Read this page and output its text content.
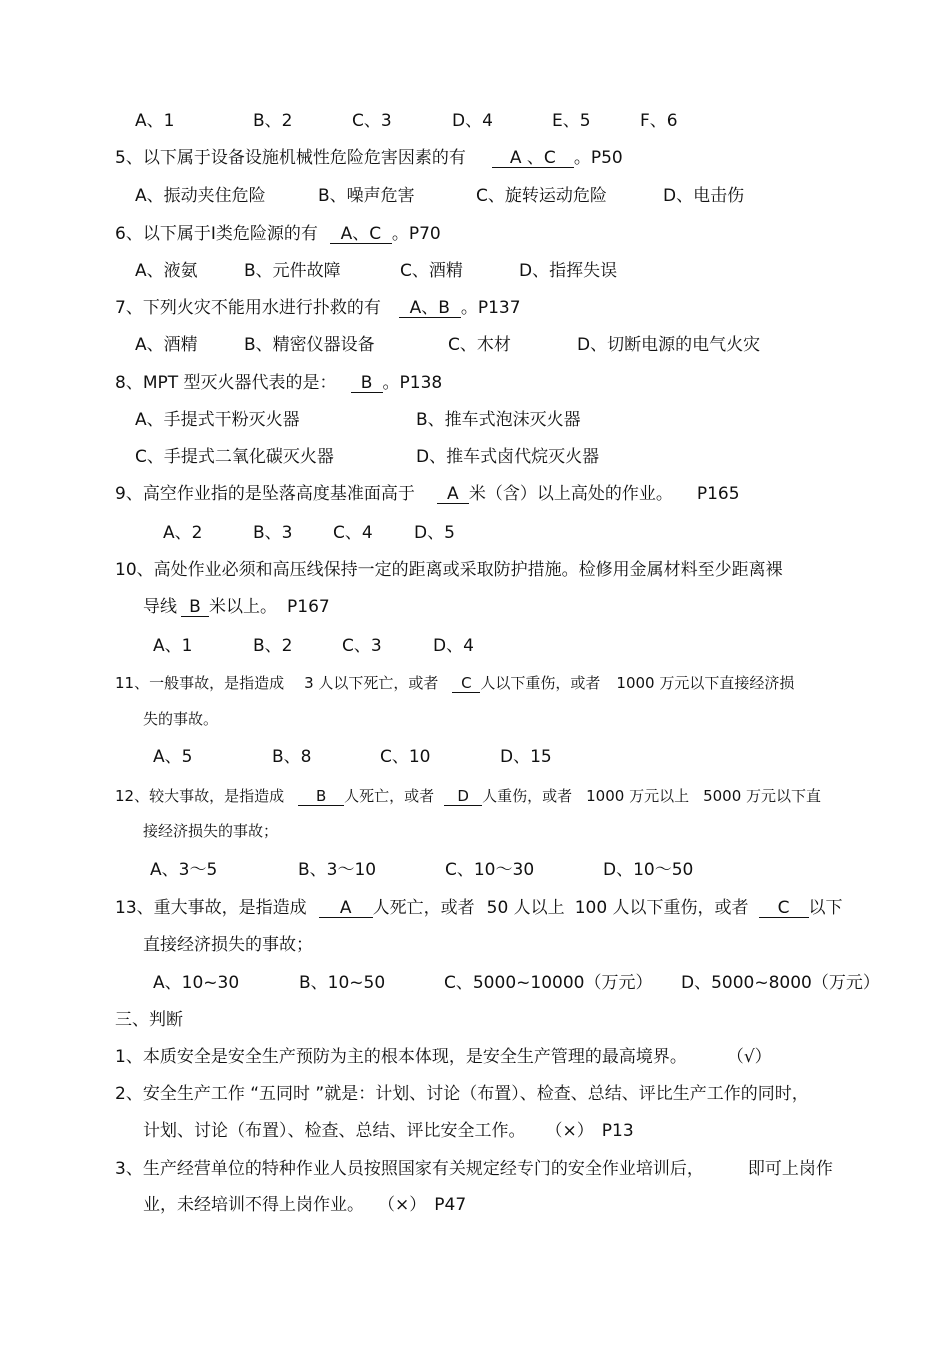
A、1	B、2	C、3	D、4	E、5	F、6
5、以下属于设备设施机械性危险危害因素的有	A 、C 。P50
A、振动夹住危险	B、噪声危害	C、旋转运动危险	D、电击伤
6、以下属于Ⅰ类危险源的有 A、C 。P70
A、液氨	B、元件故障	C、酒精	D、指挥失误
7、下列火灾不能用水进行扑救的有 A、B 。P137
A、酒精	B、精密仪器设备	C、木材	D、切断电源的电气火灾
8、MPT 型灭火器代表的是： B 。P138
A、手提式干粉灭火器	B、推车式泡沫灭火器
C、手提式二氧化碳灭火器	D、推车式卤代烷灭火器
9、高空作业指的是坠落高度基准面高于 A 米（含）以上高处的作业。 P165
A、2	B、3 C、4 D、5
10、高处作业必须和高压线保持一定的距离或采取防护措施。检修用金属材料至少距离裸
导线 B 米以上。 P167
A、1	B、2	C、3	D、4
11、一般事故，是指造成 3 人以下死亡，或者 C 人以下重伤，或者 1000 万元以下直接经济损
失的事故。
A、5	B、8	C、10	D、15
12、较大事故，是指造成 B 人死亡，或者 D 人重伤，或者 1000 万元以上 5000 万元以下直
接经济损失的事故；
A、3～5	B、3～10	C、10～30	D、10～50
13、重大事故，是指造成 A 人死亡，或者 50 人以上 100 人以下重伤，或者 C 以下
直接经济损失的事故；
A、10~30	B、10~50	C、5000~10000（万元） D、5000~8000（万元）
三、判断
1、本质安全是安全生产预防为主的根本体现，是安全生产管理的最高境界。 （√）
2、安全生产工作 “五同时 ”就是：计划、讨论（布置）、检查、总结、评比生产工作的同时，
计划、讨论（布置）、检查、总结、评比安全工作。 （×） P13
3、生产经营单位的特种作业人员按照国家有关规定经专门的安全作业培训后，	即可上岗作
业，未经培训不得上岗作业。 （×） P47
